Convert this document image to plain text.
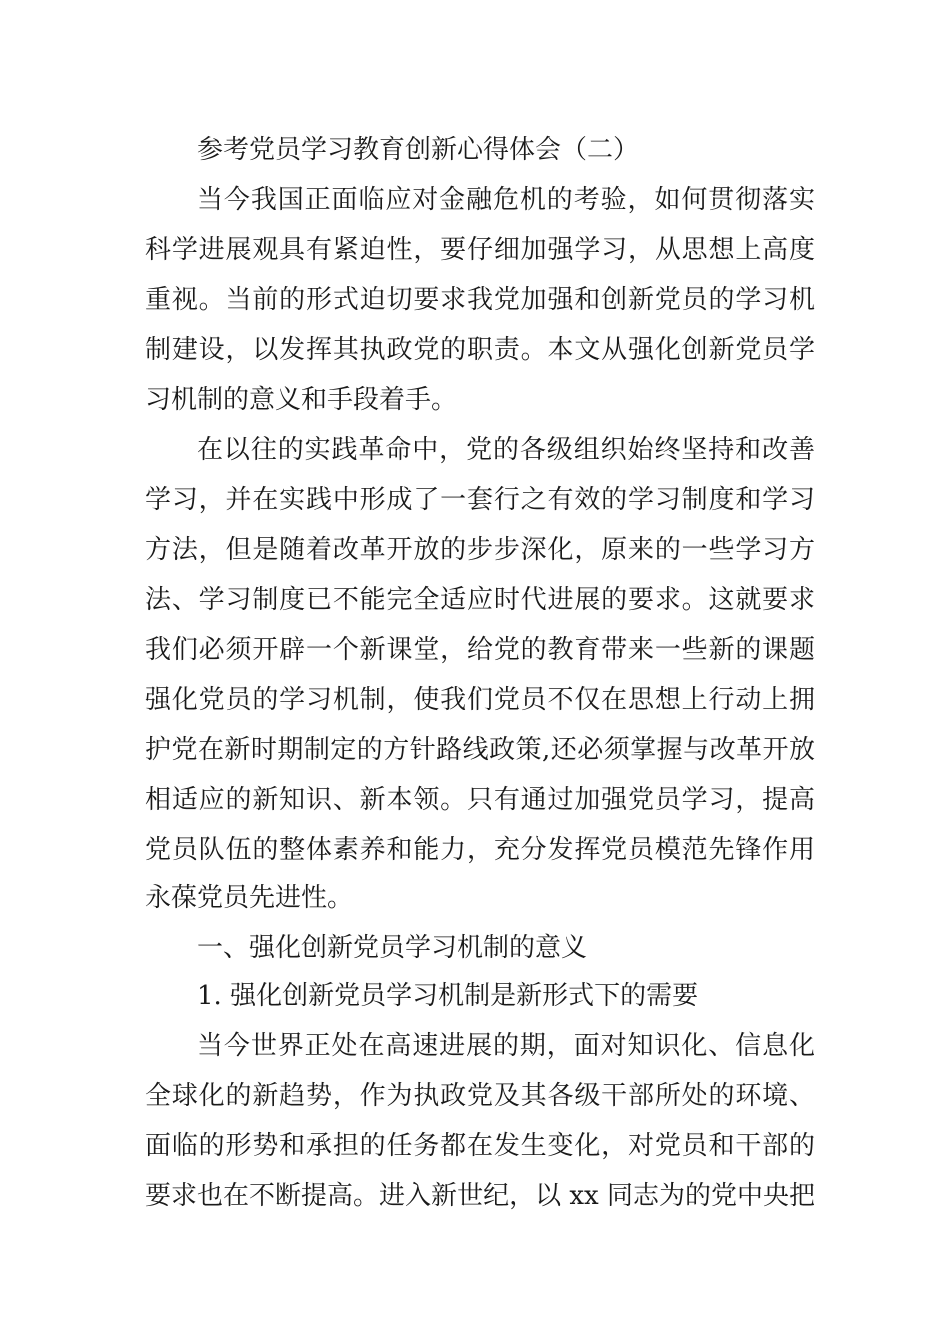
参考党员学习教育创新心得体会（二）
当今我国正面临应对金融危机的考验，如何贯彻落实
科学进展观具有紧迫性，要仔细加强学习，从思想上高度
重视。当前的形式迫切要求我党加强和创新党员的学习机
制建设，以发挥其执政党的职责。本文从强化创新党员学
习机制的意义和手段着手。
在以往的实践革命中，党的各级组织始终坚持和改善
学习，并在实践中形成了一套行之有效的学习制度和学习
方法，但是随着改革开放的步步深化，原来的一些学习方
法、学习制度已不能完全适应时代进展的要求。这就要求
我们必须开辟一个新课堂，给党的教育带来一些新的课题
强化党员的学习机制，使我们党员不仅在思想上行动上拥
护党在新时期制定的方针路线政策,还必须掌握与改革开放
相适应的新知识、新本领。只有通过加强党员学习，提高
党员队伍的整体素养和能力，充分发挥党员模范先锋作用
永葆党员先进性。
一、强化创新党员学习机制的意义
1. 强化创新党员学习机制是新形式下的需要
当今世界正处在高速进展的期，面对知识化、信息化
全球化的新趋势，作为执政党及其各级干部所处的环境、
面临的形势和承担的任务都在发生变化，对党员和干部的
要求也在不断提高。进入新世纪，以 xx 同志为的党中央把
